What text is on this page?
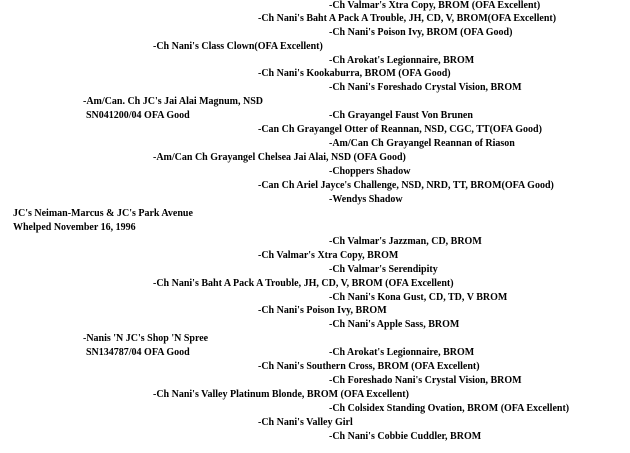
-Ch Valmar's Xtra Copy, BROM (OFA Excellent)
-Ch Nani's Baht A Pack A Trouble, JH, CD, V, BROM(OFA Excellent)
-Ch Nani's Poison Ivy, BROM (OFA Good)
-Ch Nani's Class Clown(OFA Excellent)
-Ch Arokat's Legionnaire, BROM
-Ch Nani's Kookaburra, BROM (OFA Good)
-Ch Nani's Foreshado Crystal Vision, BROM
-Am/Can. Ch JC's Jai Alai Magnum, NSD
SN041200/04 OFA Good	-Ch Grayangel Faust Von Brunen
-Can Ch Grayangel Otter of Reannan, NSD, CGC, TT(OFA Good)
-Am/Can Ch Grayangel Reannan of Riason
-Am/Can Ch Grayangel Chelsea Jai Alai, NSD (OFA Good)
-Choppers Shadow
-Can Ch Ariel Jayce's Challenge, NSD, NRD, TT, BROM(OFA Good)
-Wendys Shadow
JC's Neiman-Marcus & JC's Park Avenue
Whelped November 16, 1996
-Ch Valmar's Jazzman, CD, BROM
-Ch Valmar's Xtra Copy, BROM
-Ch Valmar's Serendipity
-Ch Nani's Baht A Pack A Trouble, JH, CD, V, BROM (OFA Excellent)
-Ch Nani's Kona Gust, CD, TD, V BROM
-Ch Nani's Poison Ivy, BROM
-Ch Nani's Apple Sass, BROM
-Nanis 'N JC's Shop 'N Spree
SN134787/04 OFA Good	-Ch Arokat's Legionnaire, BROM
-Ch Nani's Southern Cross, BROM (OFA Excellent)
-Ch Foreshado Nani's Crystal Vision, BROM
-Ch Nani's Valley Platinum Blonde, BROM (OFA Excellent)
-Ch Colsidex Standing Ovation, BROM (OFA Excellent)
-Ch Nani's Valley Girl
-Ch Nani's Cobbie Cuddler, BROM
